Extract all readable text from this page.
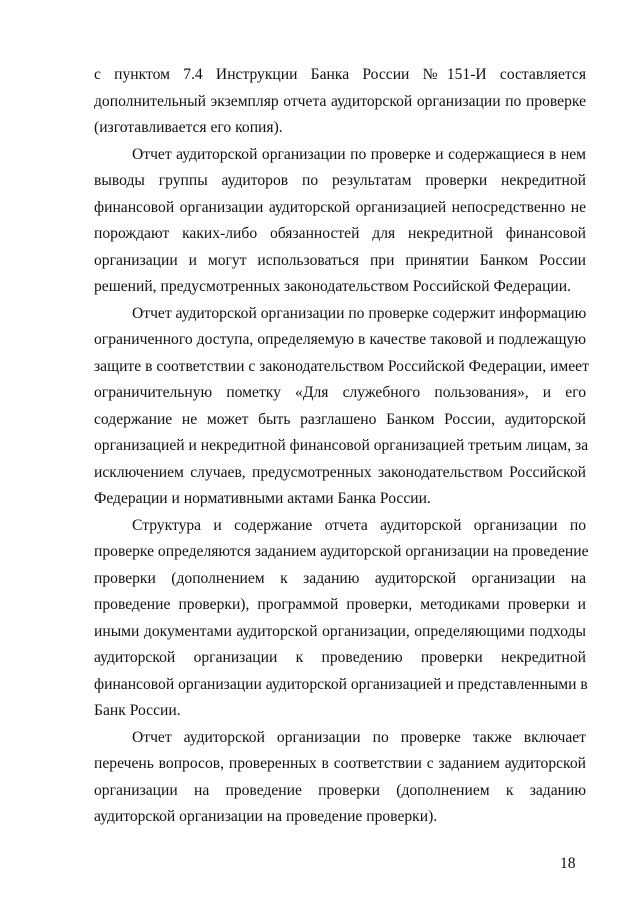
с пунктом 7.4 Инструкции Банка России №151-И составляется
дополнительный экземпляр отчета аудиторской организации по проверке
(изготавливается его копия).

Отчет аудиторской организации по проверке и содержащиеся в нем
выводы группы аудиторов по результатам проверки некредитной
финансовой организации аудиторской организацией непосредственно не
порождают каких-либо обязанностей для некредитной финансовой
организации и могут использоваться при принятии Банком России
решений, предусмотренных законодательством Российской Федерации.

Отчет аудиторской организации по проверке содержит информацию
ограниченного доступа, определяемую в качестве таковой и подлежащую
защите в соответствии с законодательством Российской Федерации, имеет
ограничительную пометку «Для служебного пользования», и его
содержание не может быть разглашено Банком России, аудиторской
организацией и некредитной финансовой организацией третьим лицам, за
исключением случаев, предусмотренных законодательством Российской
Федерации и нормативными актами Банка России.

Структура и содержание отчета аудиторской организации по
проверке определяются заданием аудиторской организации на проведение
проверки (дополнением к заданию аудиторской организации на
проведение проверки), программой проверки, методиками проверки и
иными документами аудиторской организации, определяющими подходы
аудиторской организации к проведению проверки некредитной
финансовой организации аудиторской организацией и представленными в
Банк России.

Отчет аудиторской организации по проверке также включает
перечень вопросов, проверенных в соответствии с заданием аудиторской
организации на проведение проверки (дополнением к заданию
аудиторской организации на проведение проверки).

18
